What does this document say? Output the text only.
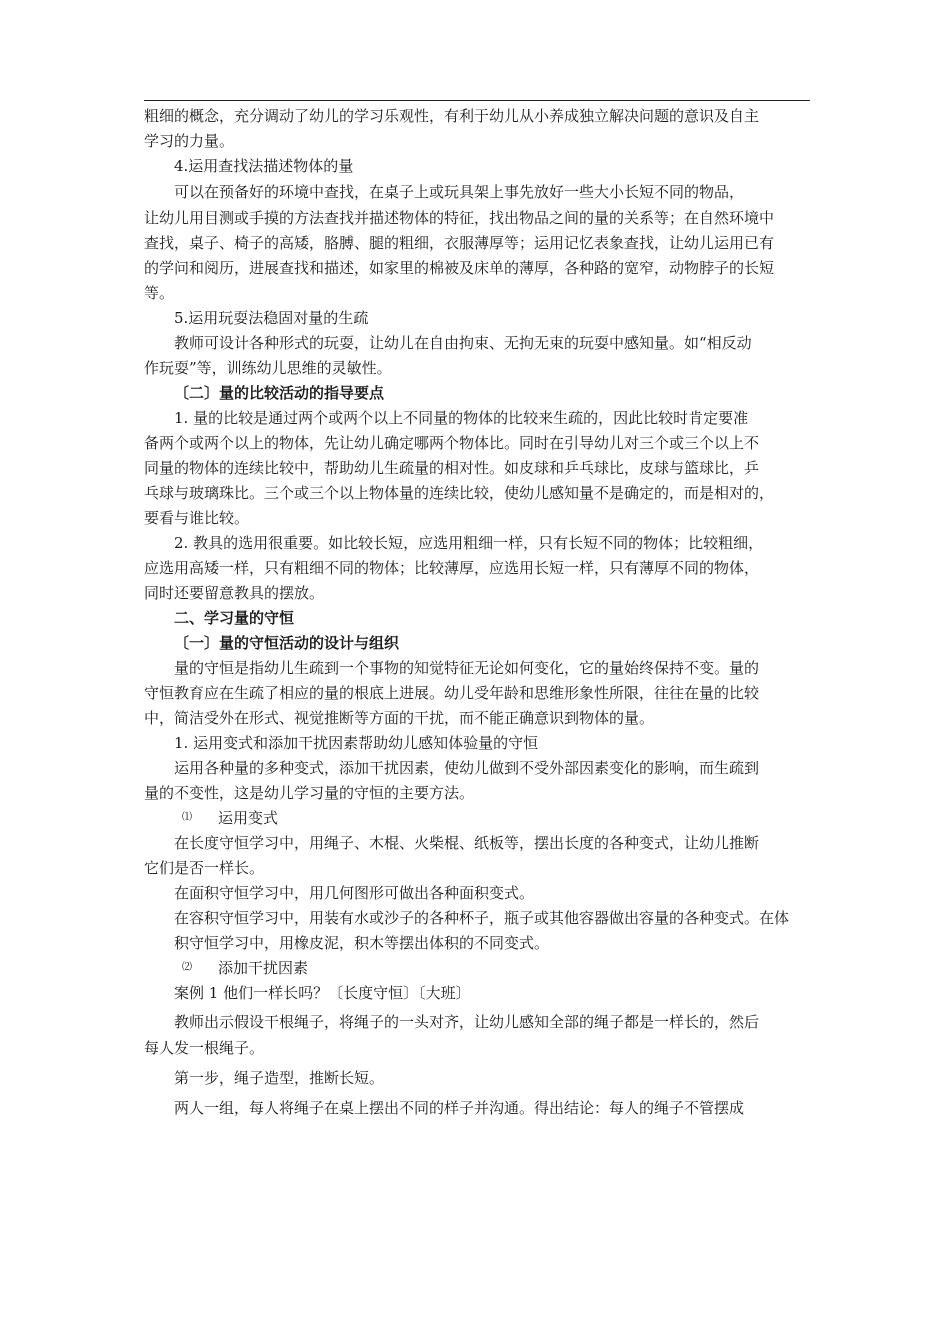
粗细的概念，充分调动了幼儿的学习乐观性，有利于幼儿从小养成独立解决问题的意识及自主
学习的力量。
4.运用查找法描述物体的量
可以在预备好的环境中查找，在桌子上或玩具架上事先放好一些大小长短不同的物品，
让幼儿用目测或手摸的方法查找并描述物体的特征，找出物品之间的量的关系等；在自然环境中
查找，桌子、椅子的高矮，胳膊、腿的粗细，衣服薄厚等；运用记忆表象查找，让幼儿运用已有
的学问和阅历，进展查找和描述，如家里的棉被及床单的薄厚，各种路的宽窄，动物脖子的长短
等。
5.运用玩耍法稳固对量的生疏
教师可设计各种形式的玩耍，让幼儿在自由拘束、无拘无束的玩耍中感知量。如“相反动
作玩耍”等，训练幼儿思维的灵敏性。
〔二〕量的比较活动的指导要点
1. 量的比较是通过两个或两个以上不同量的物体的比较来生疏的，因此比较时肯定要准
备两个或两个以上的物体，先让幼儿确定哪两个物体比。同时在引导幼儿对三个或三个以上不
同量的物体的连续比较中，帮助幼儿生疏量的相对性。如皮球和乒乓球比，皮球与篮球比，乒
乓球与玻璃珠比。三个或三个以上物体量的连续比较，使幼儿感知量不是确定的，而是相对的，
要看与谁比较。
2. 教具的选用很重要。如比较长短，应选用粗细一样，只有长短不同的物体；比较粗细，
应选用高矮一样，只有粗细不同的物体；比较薄厚，应选用长短一样，只有薄厚不同的物体，
同时还要留意教具的摆放。
二、学习量的守恒
〔一〕量的守恒活动的设计与组织
量的守恒是指幼儿生疏到一个事物的知觉特征无论如何变化，它的量始终保持不变。量的
守恒教育应在生疏了相应的量的根底上进展。幼儿受年龄和思维形象性所限，往往在量的比较
中，简洁受外在形式、视觉推断等方面的干扰，而不能正确意识到物体的量。
1. 运用变式和添加干扰因素帮助幼儿感知体验量的守恒
运用各种量的多种变式，添加干扰因素，使幼儿做到不受外部因素变化的影响，而生疏到
量的不变性，这是幼儿学习量的守恒的主要方法。
⑴ 运用变式
在长度守恒学习中，用绳子、木棍、火柴棍、纸板等，摆出长度的各种变式，让幼儿推断
它们是否一样长。
在面积守恒学习中，用几何图形可做出各种面积变式。
在容积守恒学习中，用装有水或沙子的各种杯子，瓶子或其他容器做出容量的各种变式。在体
积守恒学习中，用橡皮泥，积木等摆出体积的不同变式。
⑵ 添加干扰因素
案例 1 他们一样长吗？〔长度守恒〕〔大班〕
教师出示假设干根绳子，将绳子的一头对齐，让幼儿感知全部的绳子都是一样长的，然后
每人发一根绳子。
第一步，绳子造型，推断长短。
两人一组，每人将绳子在桌上摆出不同的样子并沟通。得出结论：每人的绳子不管摆成
